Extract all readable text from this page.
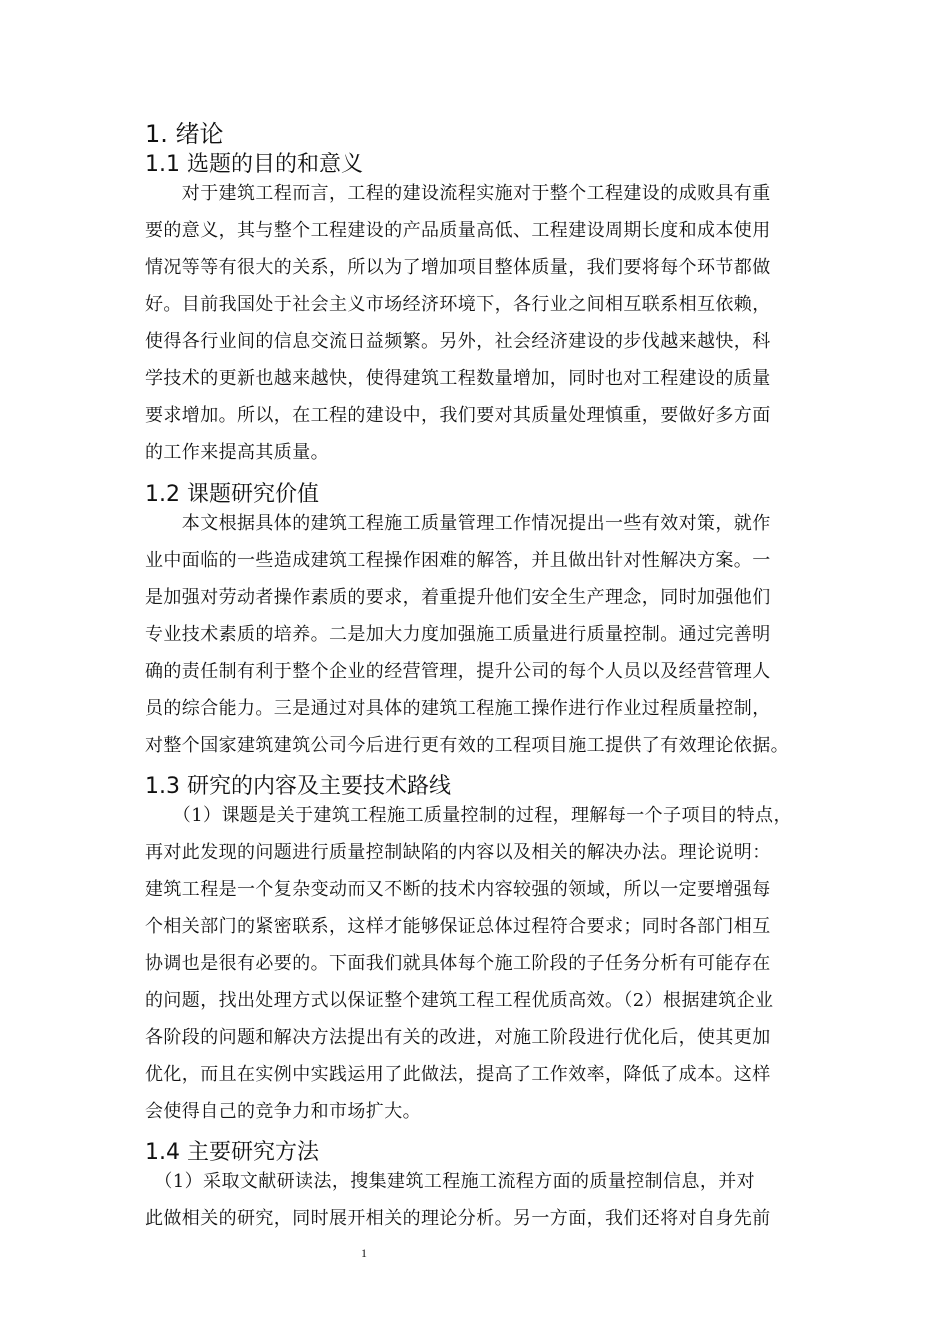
1. 绪论
1.1 选题的目的和意义
　　对于建筑工程而言，工程的建设流程实施对于整个工程建设的成败具有重
要的意义，其与整个工程建设的产品质量高低、工程建设周期长度和成本使用
情况等等有很大的关系，所以为了增加项目整体质量，我们要将每个环节都做
好。目前我国处于社会主义市场经济环境下，各行业之间相互联系相互依赖，
使得各行业间的信息交流日益频繁。另外，社会经济建设的步伐越来越快，科
学技术的更新也越来越快，使得建筑工程数量增加，同时也对工程建设的质量
要求增加。所以，在工程的建设中，我们要对其质量处理慎重，要做好多方面
的工作来提高其质量。
1.2 课题研究价值
　　本文根据具体的建筑工程施工质量管理工作情况提出一些有效对策，就作
业中面临的一些造成建筑工程操作困难的解答，并且做出针对性解决方案。一
是加强对劳动者操作素质的要求，着重提升他们安全生产理念，同时加强他们
专业技术素质的培养。二是加大力度加强施工质量进行质量控制。通过完善明
确的责任制有利于整个企业的经营管理，提升公司的每个人员以及经营管理人
员的综合能力。三是通过对具体的建筑工程施工操作进行作业过程质量控制，
对整个国家建筑建筑公司今后进行更有效的工程项目施工提供了有效理论依据。
1.3 研究的内容及主要技术路线
　　（1）课题是关于建筑工程施工质量控制的过程，理解每一个子项目的特点，
再对此发现的问题进行质量控制缺陷的内容以及相关的解决办法。理论说明：
建筑工程是一个复杂变动而又不断的技术内容较强的领域，所以一定要增强每
个相关部门的紧密联系，这样才能够保证总体过程符合要求；同时各部门相互
协调也是很有必要的。下面我们就具体每个施工阶段的子任务分析有可能存在
的问题，找出处理方式以保证整个建筑工程工程优质高效。（2）根据建筑企业
各阶段的问题和解决方法提出有关的改进，对施工阶段进行优化后，使其更加
优化，而且在实例中实践运用了此做法，提高了工作效率，降低了成本。这样
会使得自己的竞争力和市场扩大。
1.4 主要研究方法
　（1）采取文献研读法，搜集建筑工程施工流程方面的质量控制信息，并对
此做相关的研究，同时展开相关的理论分析。另一方面，我们还将对自身先前
1
